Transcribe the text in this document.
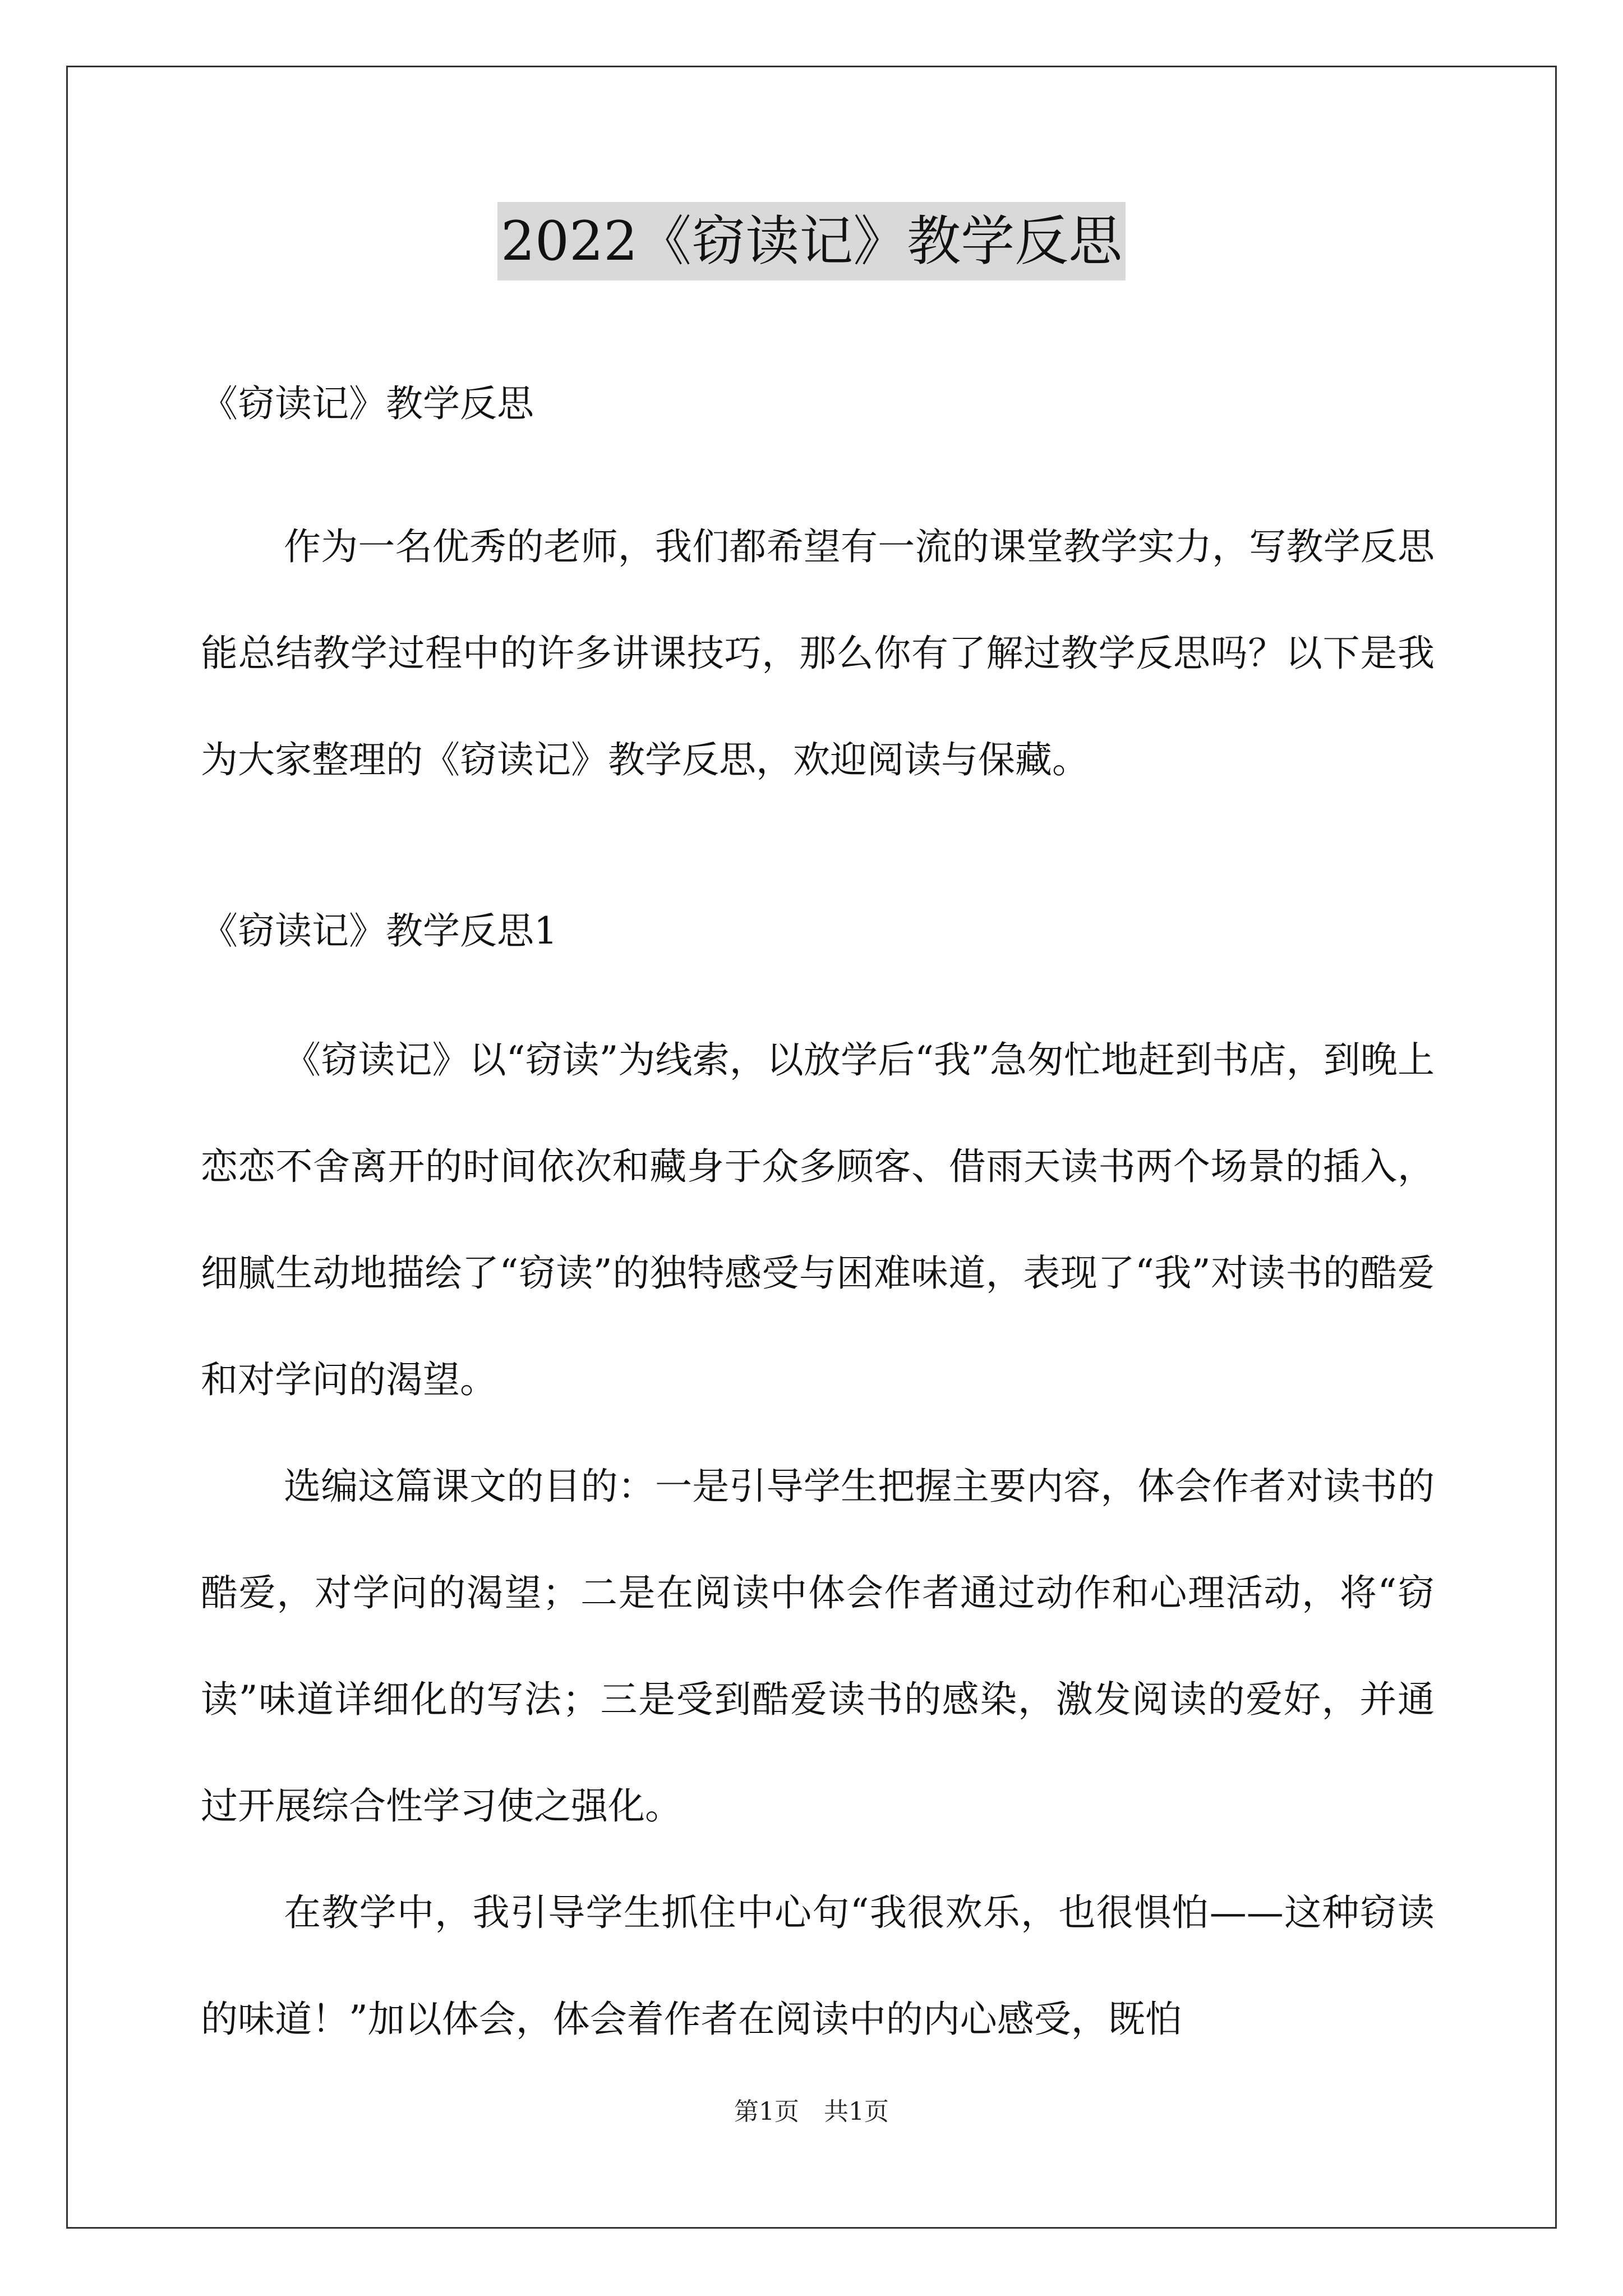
2022《窃读记》教学反思

《窃读记》教学反思

作为一名优秀的老师，我们都希望有一流的课堂教学实力，写教学反思能总结教学过程中的许多讲课技巧，那么你有了解过教学反思吗？以下是我为大家整理的《窃读记》教学反思，欢迎阅读与保藏。

《窃读记》教学反思1

《窃读记》以“窃读”为线索，以放学后“我”急匆忙地赶到书店，到晚上恋恋不舍离开的时间依次和藏身于众多顾客、借雨天读书两个场景的插入，细腻生动地描绘了“窃读”的独特感受与困难味道，表现了“我”对读书的酷爱和对学问的渴望。

选编这篇课文的目的：一是引导学生把握主要内容，体会作者对读书的酷爱，对学问的渴望；二是在阅读中体会作者通过动作和心理活动，将“窃读”味道详细化的写法；三是受到酷爱读书的感染，激发阅读的爱好，并通过开展综合性学习使之强化。

在教学中，我引导学生抓住中心句“我很欢乐，也很惧怕——这种窃读的味道！”加以体会，体会着作者在阅读中的内心感受，既怕

第1页　共1页
